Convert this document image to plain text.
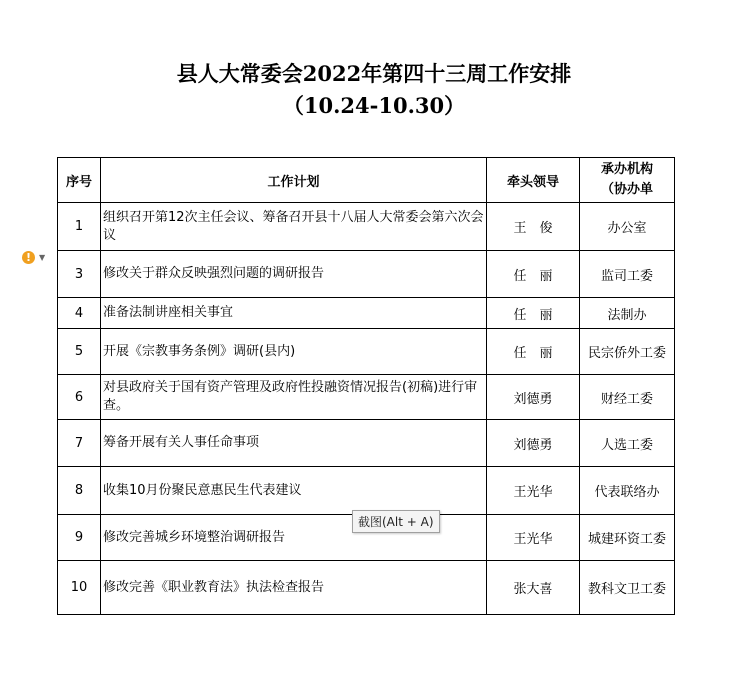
县人大常委会2022年第四十三周工作安排
（10.24-10.30）
序号	工作计划	牵头领导	承办机构
（协办单

1	组织召开第12次主任会议、筹备召开县十八届人大常委会第六次会议	王　俊	办公室
3	修改关于群众反映强烈问题的调研报告	任　丽	监司工委
4	准备法制讲座相关事宜	任　丽	法制办
5	开展《宗教事务条例》调研(县内)	任　丽	民宗侨外工委
6	对县政府关于国有资产管理及政府性投融资情况报告(初稿)进行审查。	刘德勇	财经工委
7	筹备开展有关人事任命事项	刘德勇	人选工委
8	收集10月份聚民意惠民生代表建议	王光华	代表联络办
9	修改完善城乡环境整治调研报告	王光华	城建环资工委
10	修改完善《职业教育法》执法检查报告	张大喜	教科文卫工委
! ▼
截图(Alt + A)
